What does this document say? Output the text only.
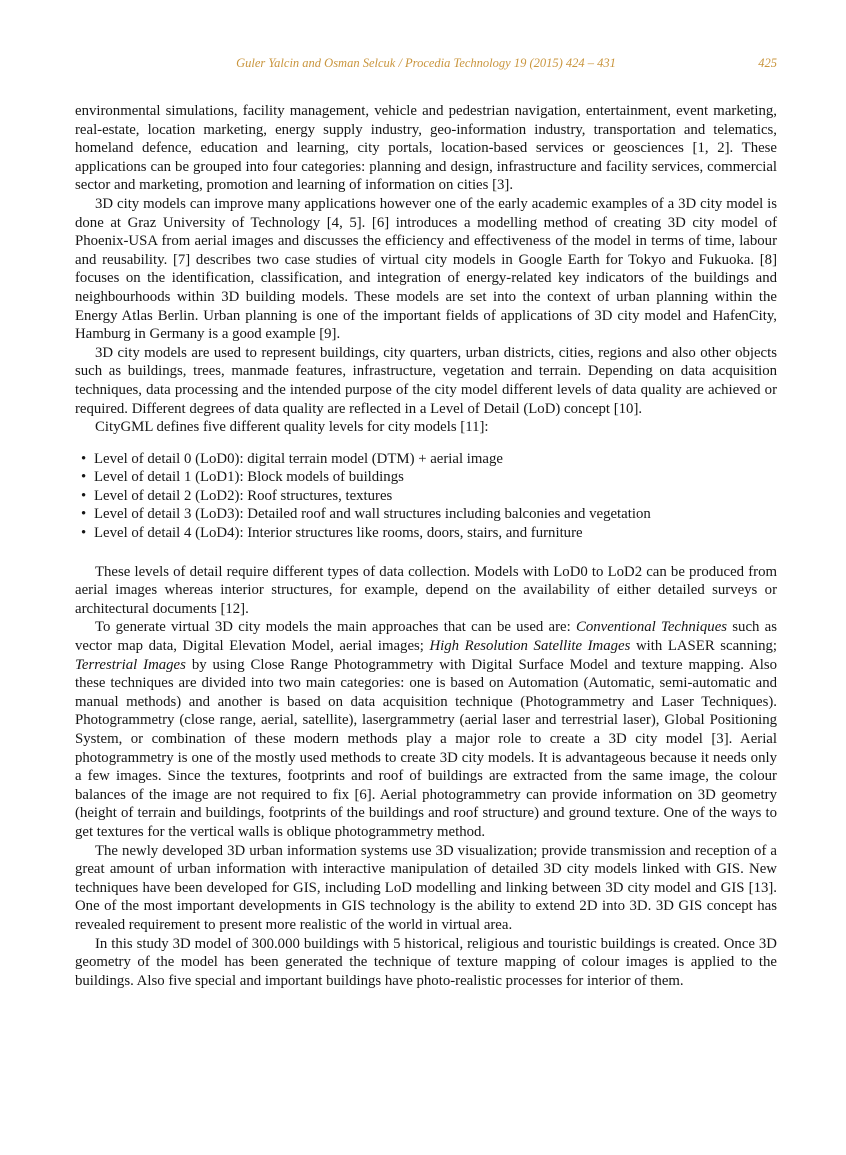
Guler Yalcin and Osman Selcuk / Procedia Technology 19 (2015) 424 – 431	425

environmental simulations, facility management, vehicle and pedestrian navigation, entertainment, event marketing, real-estate, location marketing, energy supply industry, geo-information industry, transportation and telematics, homeland defence, education and learning, city portals, location-based services or geosciences [1, 2]. These applications can be grouped into four categories: planning and design, infrastructure and facility services, commercial sector and marketing, promotion and learning of information on cities [3].

3D city models can improve many applications however one of the early academic examples of a 3D city model is done at Graz University of Technology [4, 5]. [6] introduces a modelling method of creating 3D city model of Phoenix-USA from aerial images and discusses the efficiency and effectiveness of the model in terms of time, labour and reusability. [7] describes two case studies of virtual city models in Google Earth for Tokyo and Fukuoka. [8] focuses on the identification, classification, and integration of energy-related key indicators of the buildings and neighbourhoods within 3D building models. These models are set into the context of urban planning within the Energy Atlas Berlin. Urban planning is one of the important fields of applications of 3D city model and HafenCity, Hamburg in Germany is a good example [9].

3D city models are used to represent buildings, city quarters, urban districts, cities, regions and also other objects such as buildings, trees, manmade features, infrastructure, vegetation and terrain. Depending on data acquisition techniques, data processing and the intended purpose of the city model different levels of data quality are achieved or required. Different degrees of data quality are reflected in a Level of Detail (LoD) concept [10].

CityGML defines five different quality levels for city models [11]:

• Level of detail 0 (LoD0): digital terrain model (DTM) + aerial image
• Level of detail 1 (LoD1): Block models of buildings
• Level of detail 2 (LoD2): Roof structures, textures
• Level of detail 3 (LoD3): Detailed roof and wall structures including balconies and vegetation
• Level of detail 4 (LoD4): Interior structures like rooms, doors, stairs, and furniture

These levels of detail require different types of data collection. Models with LoD0 to LoD2 can be produced from aerial images whereas interior structures, for example, depend on the availability of either detailed surveys or architectural documents [12].

To generate virtual 3D city models the main approaches that can be used are: Conventional Techniques such as vector map data, Digital Elevation Model, aerial images; High Resolution Satellite Images with LASER scanning; Terrestrial Images by using Close Range Photogrammetry with Digital Surface Model and texture mapping. Also these techniques are divided into two main categories: one is based on Automation (Automatic, semi-automatic and manual methods) and another is based on data acquisition technique (Photogrammetry and Laser Techniques). Photogrammetry (close range, aerial, satellite), lasergrammetry (aerial laser and terrestrial laser), Global Positioning System, or combination of these modern methods play a major role to create a 3D city model [3]. Aerial photogrammetry is one of the mostly used methods to create 3D city models. It is advantageous because it needs only a few images. Since the textures, footprints and roof of buildings are extracted from the same image, the colour balances of the image are not required to fix [6]. Aerial photogrammetry can provide information on 3D geometry (height of terrain and buildings, footprints of the buildings and roof structure) and ground texture. One of the ways to get textures for the vertical walls is oblique photogrammetry method.

The newly developed 3D urban information systems use 3D visualization; provide transmission and reception of a great amount of urban information with interactive manipulation of detailed 3D city models linked with GIS. New techniques have been developed for GIS, including LoD modelling and linking between 3D city model and GIS [13]. One of the most important developments in GIS technology is the ability to extend 2D into 3D. 3D GIS concept has revealed requirement to present more realistic of the world in virtual area.

In this study 3D model of 300.000 buildings with 5 historical, religious and touristic buildings is created. Once 3D geometry of the model has been generated the technique of texture mapping of colour images is applied to the buildings. Also five special and important buildings have photo-realistic processes for interior of them.
